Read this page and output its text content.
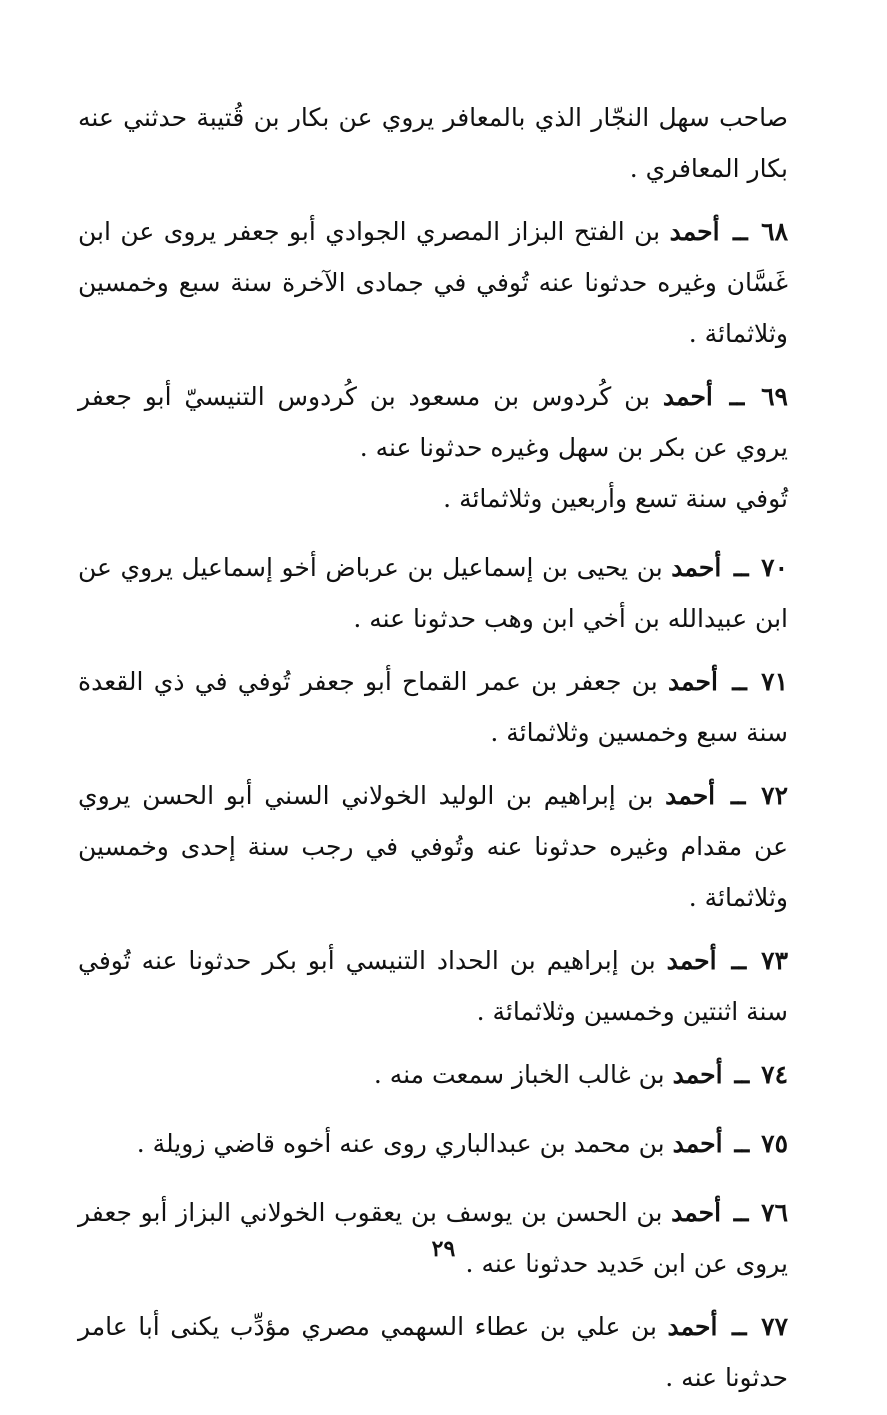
صاحب سهل النجّار الذي بالمعافر يروي عن بكار بن قُتيبة حدثني عنه بكار المعافري .

٦٨ ــ أحمد بن الفتح البزاز المصري الجوادي أبو جعفر يروى عن ابن غَسَّان وغيره حدثونا عنه تُوفي في جمادى الآخرة سنة سبع وخمسين وثلاثمائة .

٦٩ ــ أحمد بن كُردوس بن مسعود بن كُردوس التنيسيّ أبو جعفر يروي عن بكر بن سهل وغيره حدثونا عنه .

تُوفي سنة تسع وأربعين وثلاثمائة .

٧٠ ــ أحمد بن يحيى بن إسماعيل بن عرباض أخو إسماعيل يروي عن ابن عبيدالله بن أخي ابن وهب حدثونا عنه .

٧١ ــ أحمد بن جعفر بن عمر القماح أبو جعفر تُوفي في ذي القعدة سنة سبع وخمسين وثلاثمائة .

٧٢ ــ أحمد بن إبراهيم بن الوليد الخولاني السني أبو الحسن يروي عن مقدام وغيره حدثونا عنه وتُوفي في رجب سنة إحدى وخمسين وثلاثمائة .

٧٣ ــ أحمد بن إبراهيم بن الحداد التنيسي أبو بكر حدثونا عنه تُوفي سنة اثنتين وخمسين وثلاثمائة .

٧٤ ــ أحمد بن غالب الخباز سمعت منه .

٧٥ ــ أحمد بن محمد بن عبدالباري روى عنه أخوه قاضي زويلة .

٧٦ ــ أحمد بن الحسن بن يوسف بن يعقوب الخولاني البزاز أبو جعفر يروى عن ابن حَديد حدثونا عنه .

٧٧ ــ أحمد بن علي بن عطاء السهمي مصري مؤدِّب يكنى أبا عامر حدثونا عنه .

٢٩
